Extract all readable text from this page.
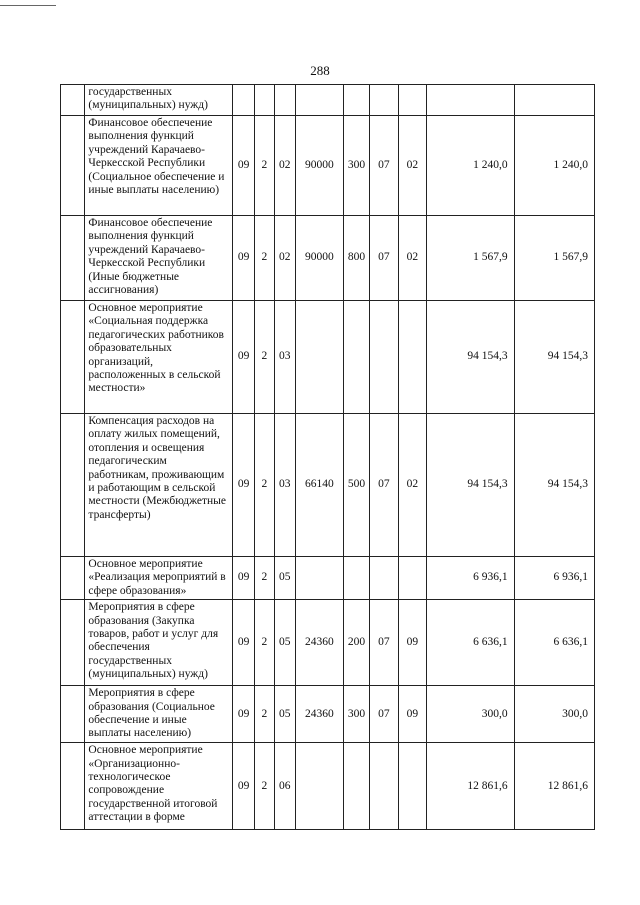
288
	государственных (муниципальных) нужд)									
	Финансовое обеспечение выполнения функций учреждений Карачаево-Черкесской Республики (Социальное обеспечение и иные выплаты населению)	09	2	02	90000	300	07	02	1 240,0	1 240,0
	Финансовое обеспечение выполнения функций учреждений Карачаево-Черкесской Республики (Иные бюджетные ассигнования)	09	2	02	90000	800	07	02	1 567,9	1 567,9
	Основное мероприятие «Социальная поддержка педагогических работников образовательных организаций, расположенных в сельской местности»	09	2	03					94 154,3	94 154,3
	Компенсация расходов на оплату жилых помещений, отопления и освещения педагогическим работникам, проживающим и работающим в сельской местности (Межбюджетные трансферты)	09	2	03	66140	500	07	02	94 154,3	94 154,3
	Основное мероприятие «Реализация мероприятий в сфере образования»	09	2	05					6 936,1	6 936,1
	Мероприятия в сфере образования (Закупка товаров, работ и услуг для обеспечения государственных (муниципальных) нужд)	09	2	05	24360	200	07	09	6 636,1	6 636,1
	Мероприятия в сфере образования (Социальное обеспечение и иные выплаты населению)	09	2	05	24360	300	07	09	300,0	300,0
	Основное мероприятие «Организационно-технологическое сопровождение государственной итоговой аттестации в форме	09	2	06					12 861,6	12 861,6
